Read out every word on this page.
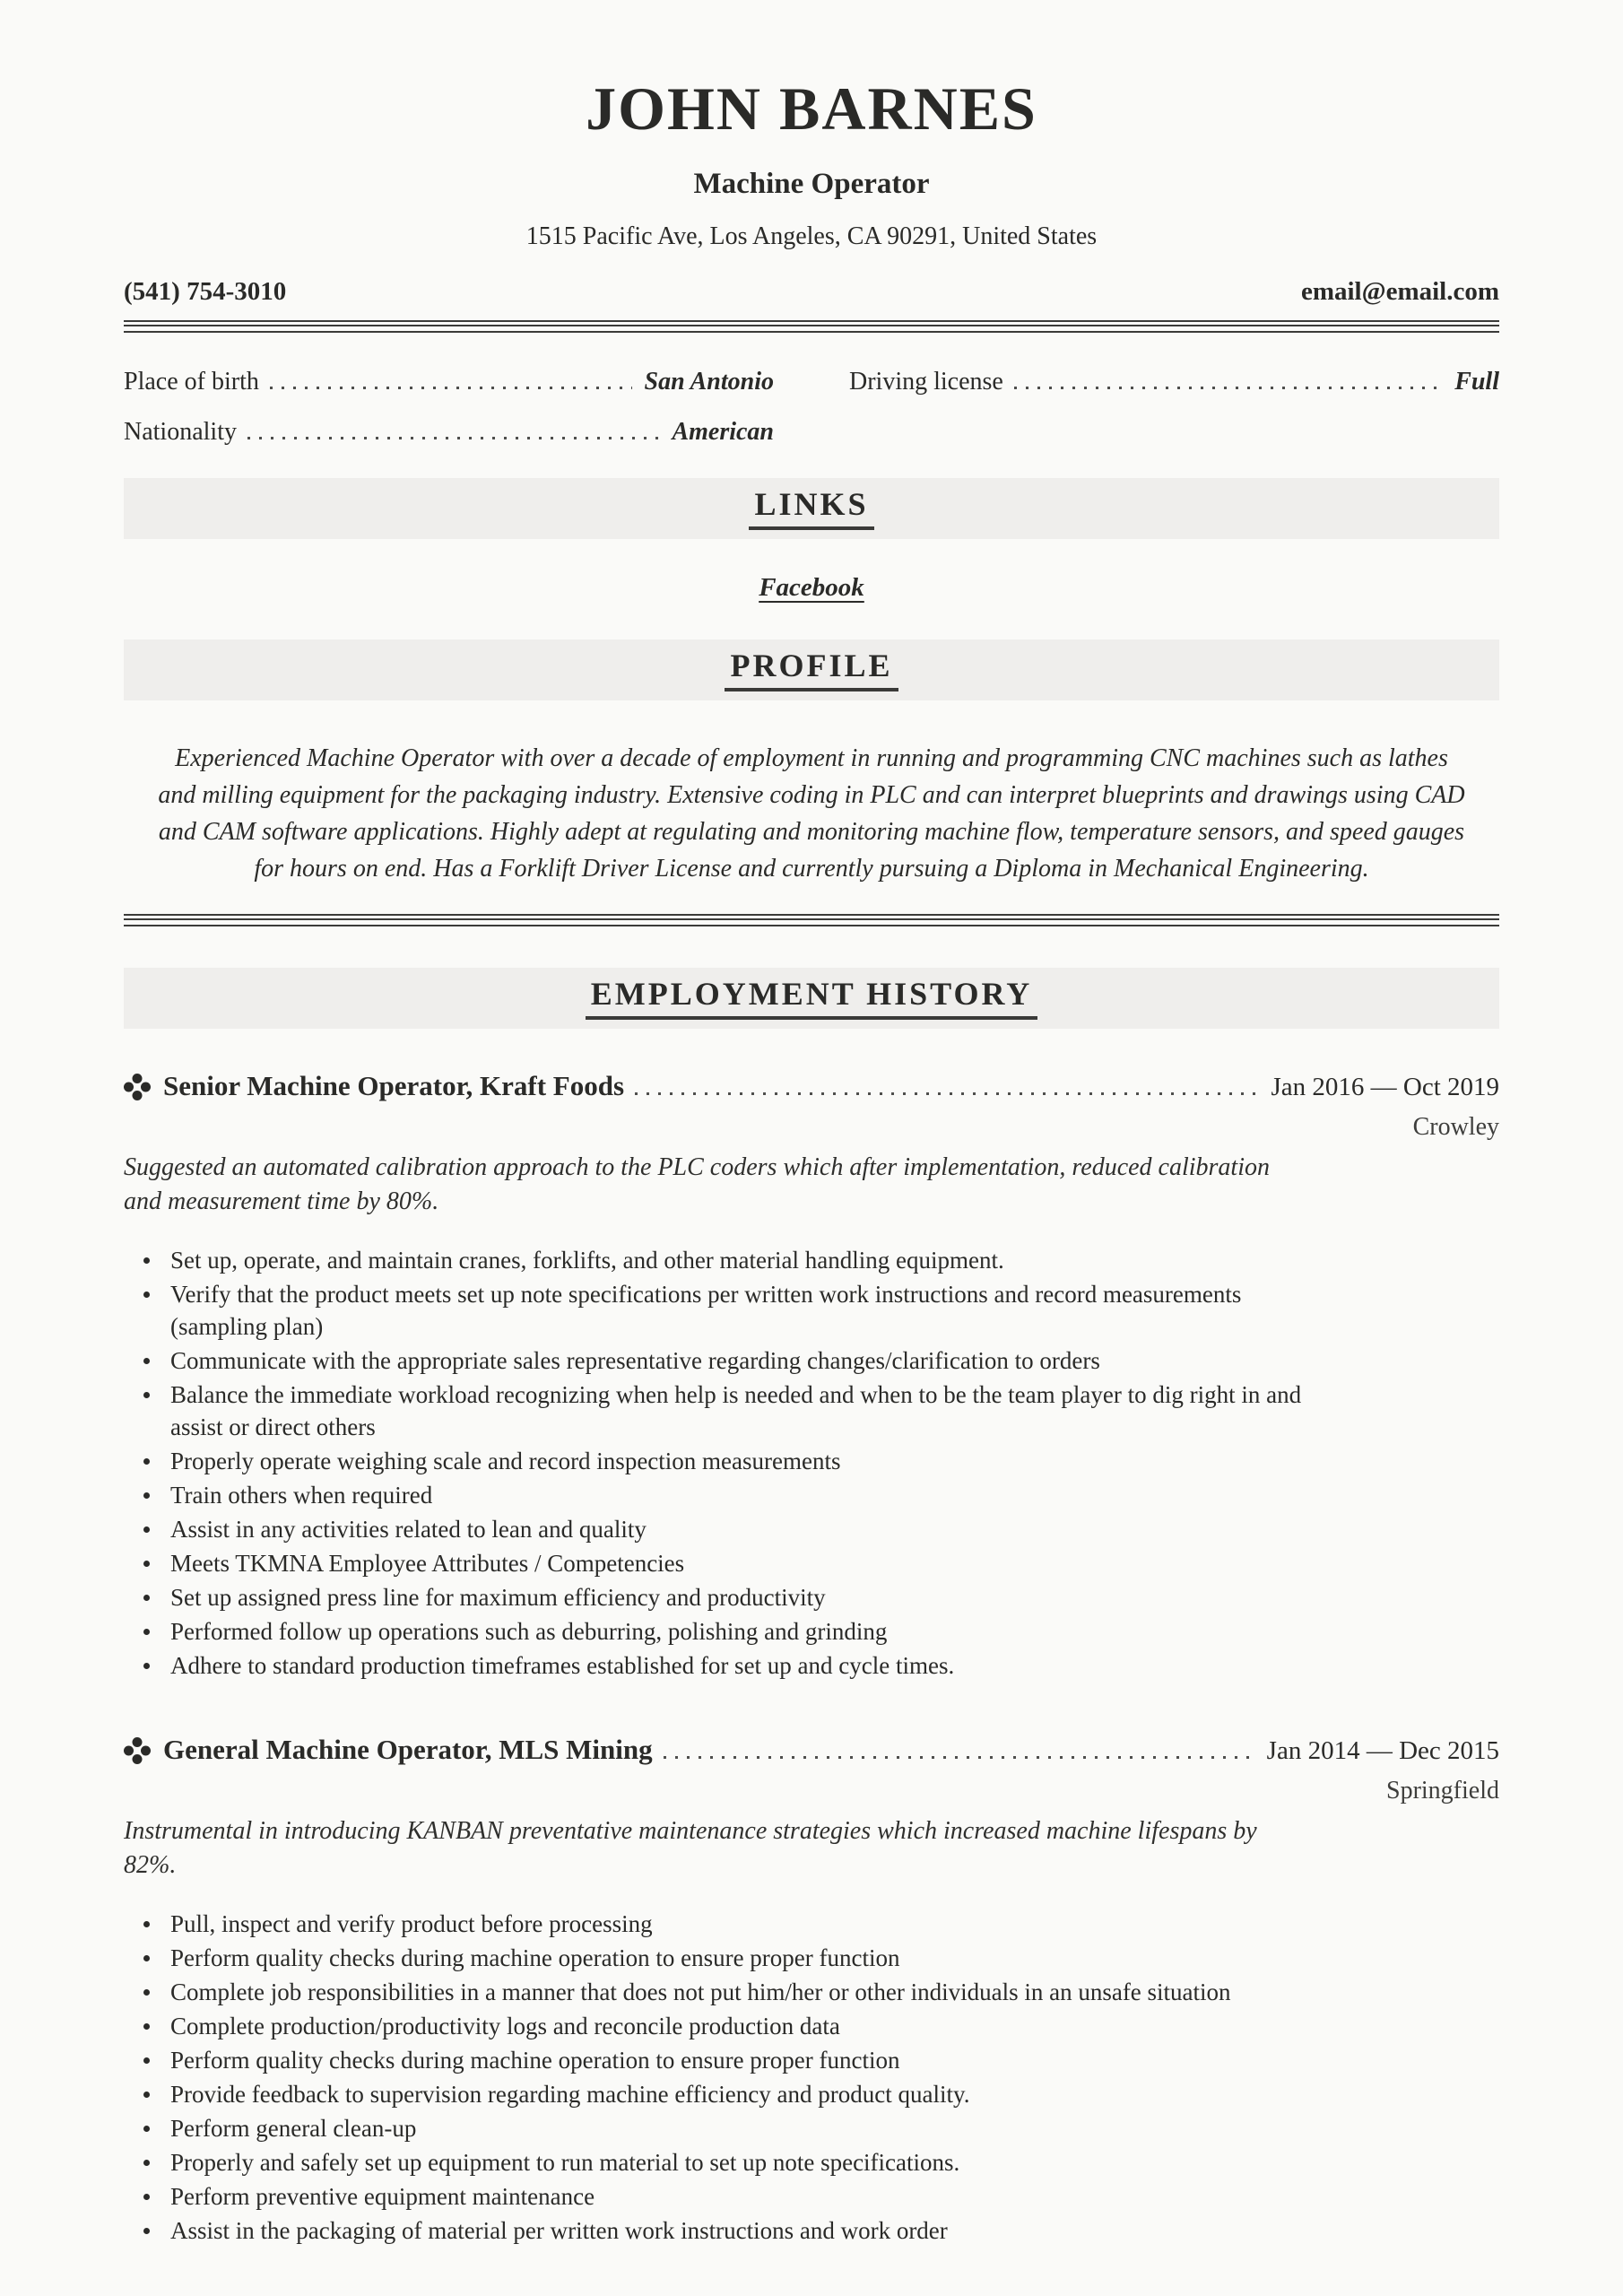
JOHN BARNES
Machine Operator
1515 Pacific Ave, Los Angeles, CA 90291, United States
(541) 754-3010	email@email.com
Place of birth	San Antonio	Driving license	Full
Nationality	American
LINKS
Facebook
PROFILE

Experienced Machine Operator with over a decade of employment in running and programming CNC machines such as lathes and milling equipment for the packaging industry. Extensive coding in PLC and can interpret blueprints and drawings using CAD and CAM software applications. Highly adept at regulating and monitoring machine flow, temperature sensors, and speed gauges for hours on end. Has a Forklift Driver License and currently pursuing a Diploma in Mechanical Engineering.

EMPLOYMENT HISTORY
Senior Machine Operator, Kraft Foods	Jan 2016 — Oct 2019
Crowley

Suggested an automated calibration approach to the PLC coders which after implementation, reduced calibration and measurement time by 80%.

Set up, operate, and maintain cranes, forklifts, and other material handling equipment.
Verify that the product meets set up note specifications per written work instructions and record measurements (sampling plan)
Communicate with the appropriate sales representative regarding changes/clarification to orders
Balance the immediate workload recognizing when help is needed and when to be the team player to dig right in and assist or direct others
Properly operate weighing scale and record inspection measurements
Train others when required
Assist in any activities related to lean and quality
Meets TKMNA Employee Attributes / Competencies
Set up assigned press line for maximum efficiency and productivity
Performed follow up operations such as deburring, polishing and grinding
Adhere to standard production timeframes established for set up and cycle times.
General Machine Operator, MLS Mining	Jan 2014 — Dec 2015
Springfield

Instrumental in introducing KANBAN preventative maintenance strategies which increased machine lifespans by 82%.

Pull, inspect and verify product before processing
Perform quality checks during machine operation to ensure proper function
Complete job responsibilities in a manner that does not put him/her or other individuals in an unsafe situation
Complete production/productivity logs and reconcile production data
Perform quality checks during machine operation to ensure proper function
Provide feedback to supervision regarding machine efficiency and product quality.
Perform general clean-up
Properly and safely set up equipment to run material to set up note specifications.
Perform preventive equipment maintenance
Assist in the packaging of material per written work instructions and work order
